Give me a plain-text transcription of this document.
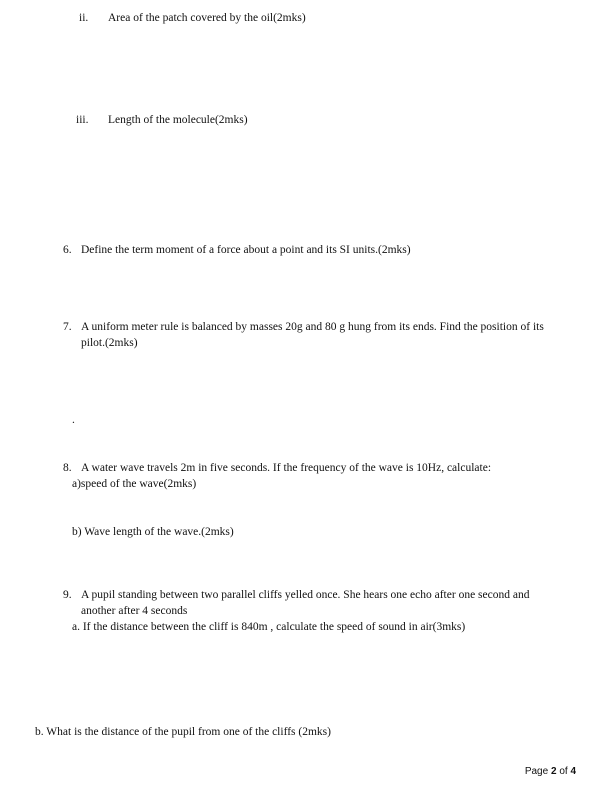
ii. Area of the patch covered by the oil(2mks)
iii. Length of the molecule(2mks)
6. Define the term moment of a force about a point and its SI units.(2mks)
7. A uniform meter rule is balanced by masses 20g and 80 g hung from its ends. Find the position of its
pilot.(2mks)
.
8. A water wave travels 2m in five seconds. If the frequency of the wave is 10Hz, calculate:
a)speed of the wave(2mks)
b) Wave length of the wave.(2mks)
9. A pupil standing between two parallel cliffs yelled once. She hears one echo after one second and
another after 4 seconds
a. If the distance between the cliff is 840m , calculate the speed of sound in air(3mks)
b. What is the distance of the pupil from one of the cliffs (2mks)
Page 2 of 4
